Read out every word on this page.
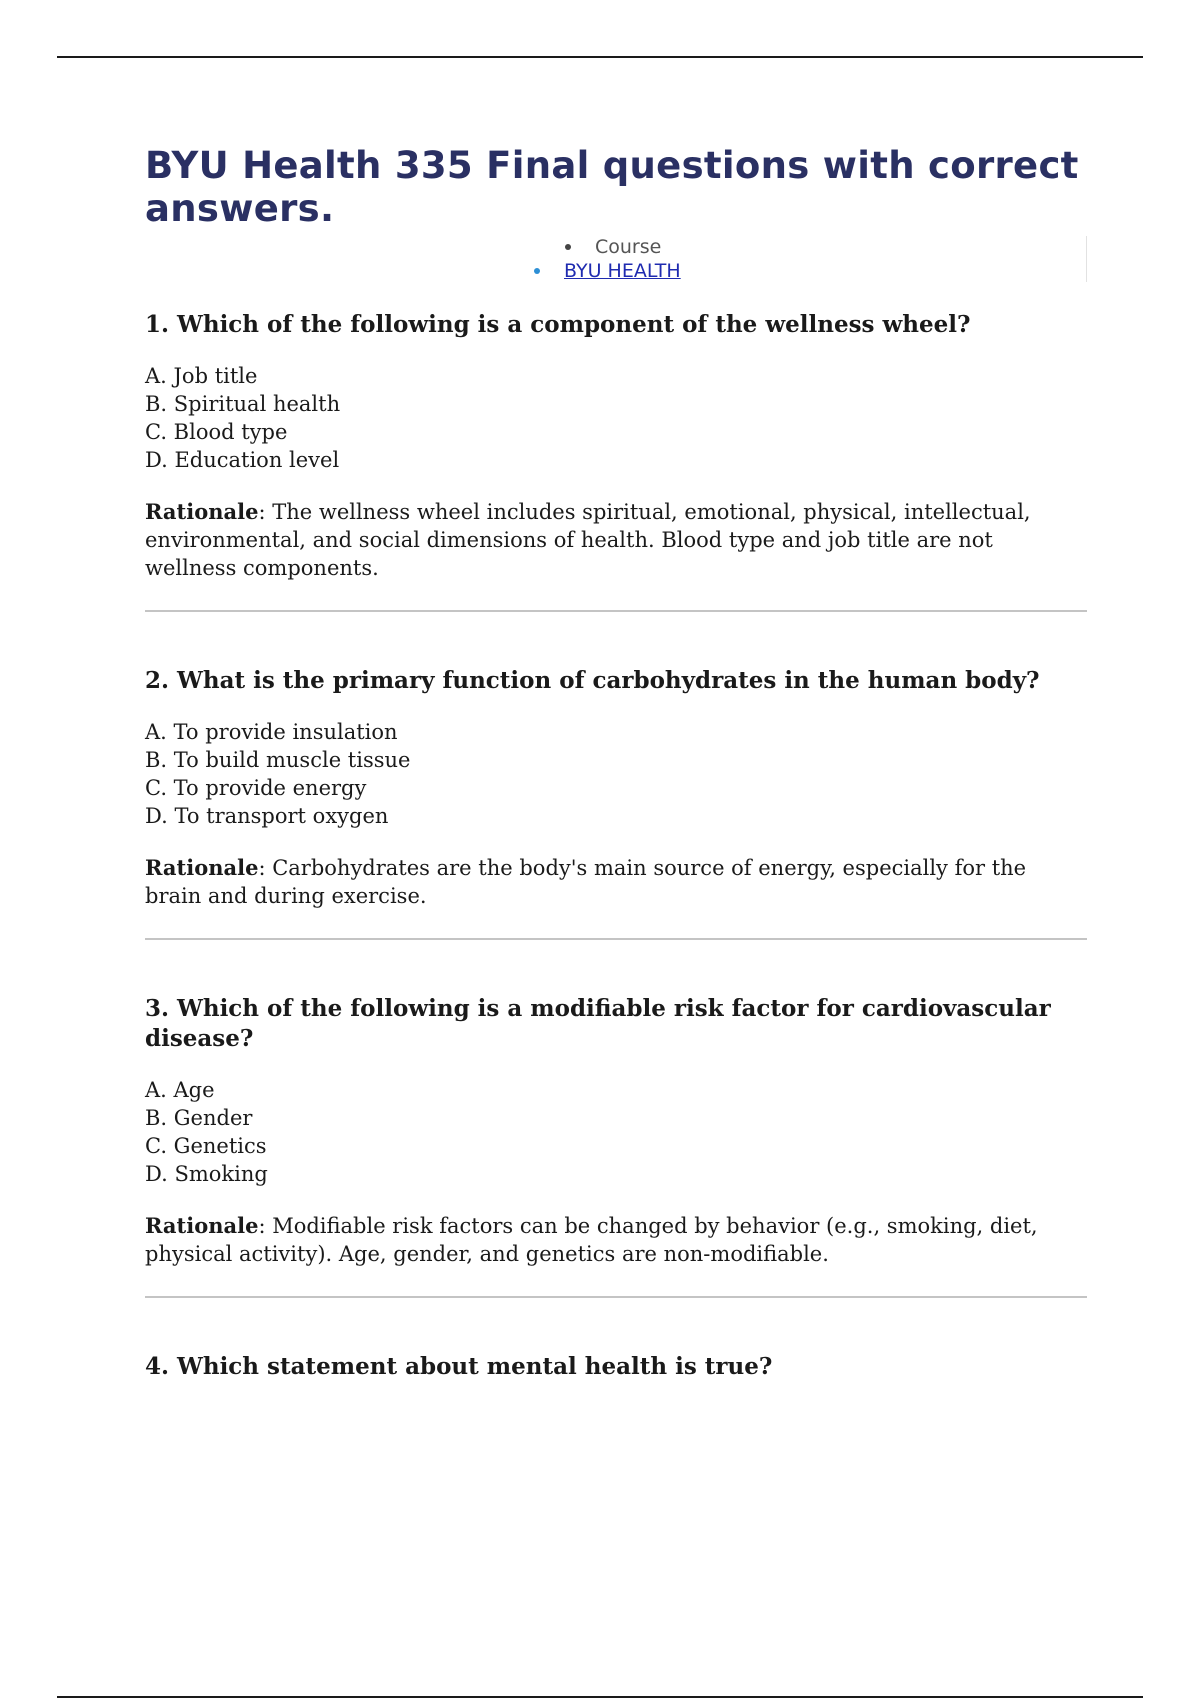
BYU Health 335 Final questions with correct answers.
Course
BYU HEALTH
1. Which of the following is a component of the wellness wheel?
A. Job title
B. Spiritual health
C. Blood type
D. Education level

Rationale: The wellness wheel includes spiritual, emotional, physical, intellectual, environmental, and social dimensions of health. Blood type and job title are not wellness components.

2. What is the primary function of carbohydrates in the human body?
A. To provide insulation
B. To build muscle tissue
C. To provide energy
D. To transport oxygen

Rationale: Carbohydrates are the body's main source of energy, especially for the brain and during exercise.

3. Which of the following is a modifiable risk factor for cardiovascular disease?
A. Age
B. Gender
C. Genetics
D. Smoking

Rationale: Modifiable risk factors can be changed by behavior (e.g., smoking, diet, physical activity). Age, gender, and genetics are non-modifiable.

4. Which statement about mental health is true?
